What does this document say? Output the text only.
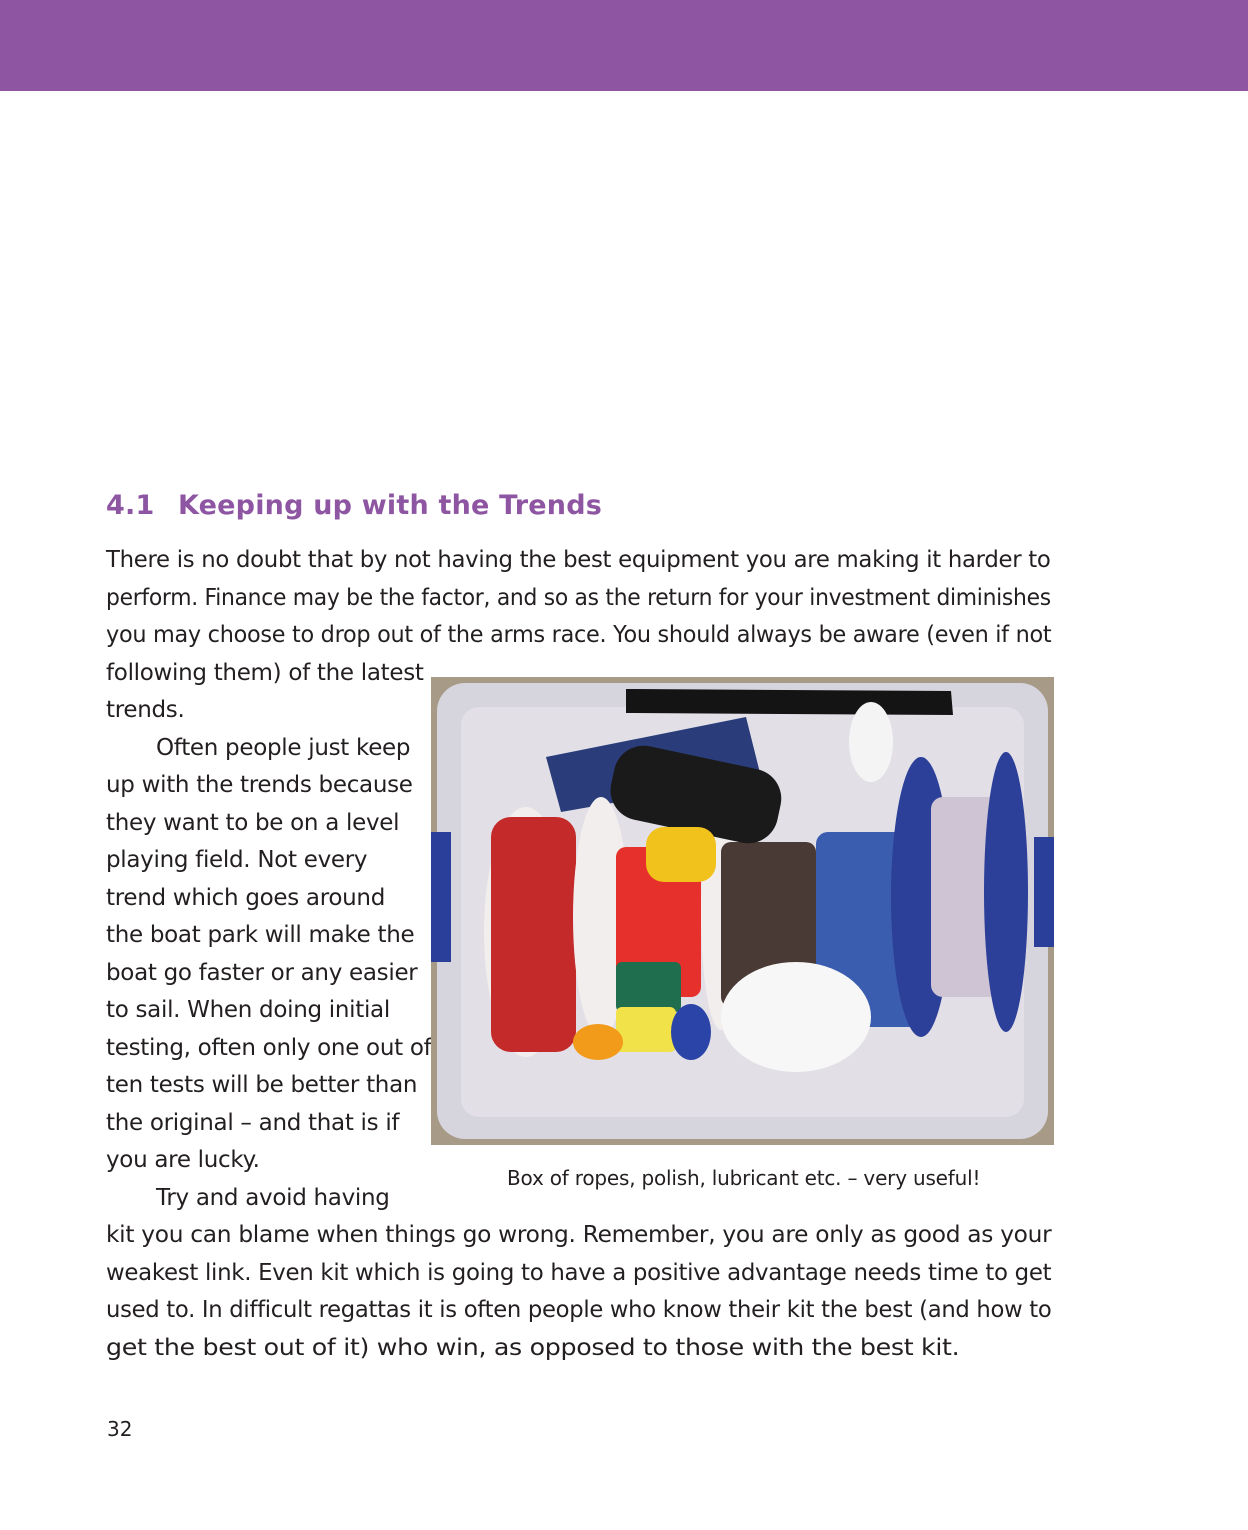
4.1 Keeping up with the Trends
There is no doubt that by not having the best equipment you are making it harder to
perform. Finance may be the factor, and so as the return for your investment diminishes
you may choose to drop out of the arms race. You should always be aware (even if not
following them) of the latest
trends.
Often people just keep
up with the trends because
they want to be on a level
playing field. Not every
trend which goes around
the boat park will make the
boat go faster or any easier
to sail. When doing initial
testing, often only one out of
ten tests will be better than
the original – and that is if
you are lucky.
Try and avoid having
kit you can blame when things go wrong. Remember, you are only as good as your
weakest link. Even kit which is going to have a positive advantage needs time to get
used to. In difficult regattas it is often people who know their kit the best (and how to
get the best out of it) who win, as opposed to those with the best kit.
Box of ropes, polish, lubricant etc. – very useful!
32
